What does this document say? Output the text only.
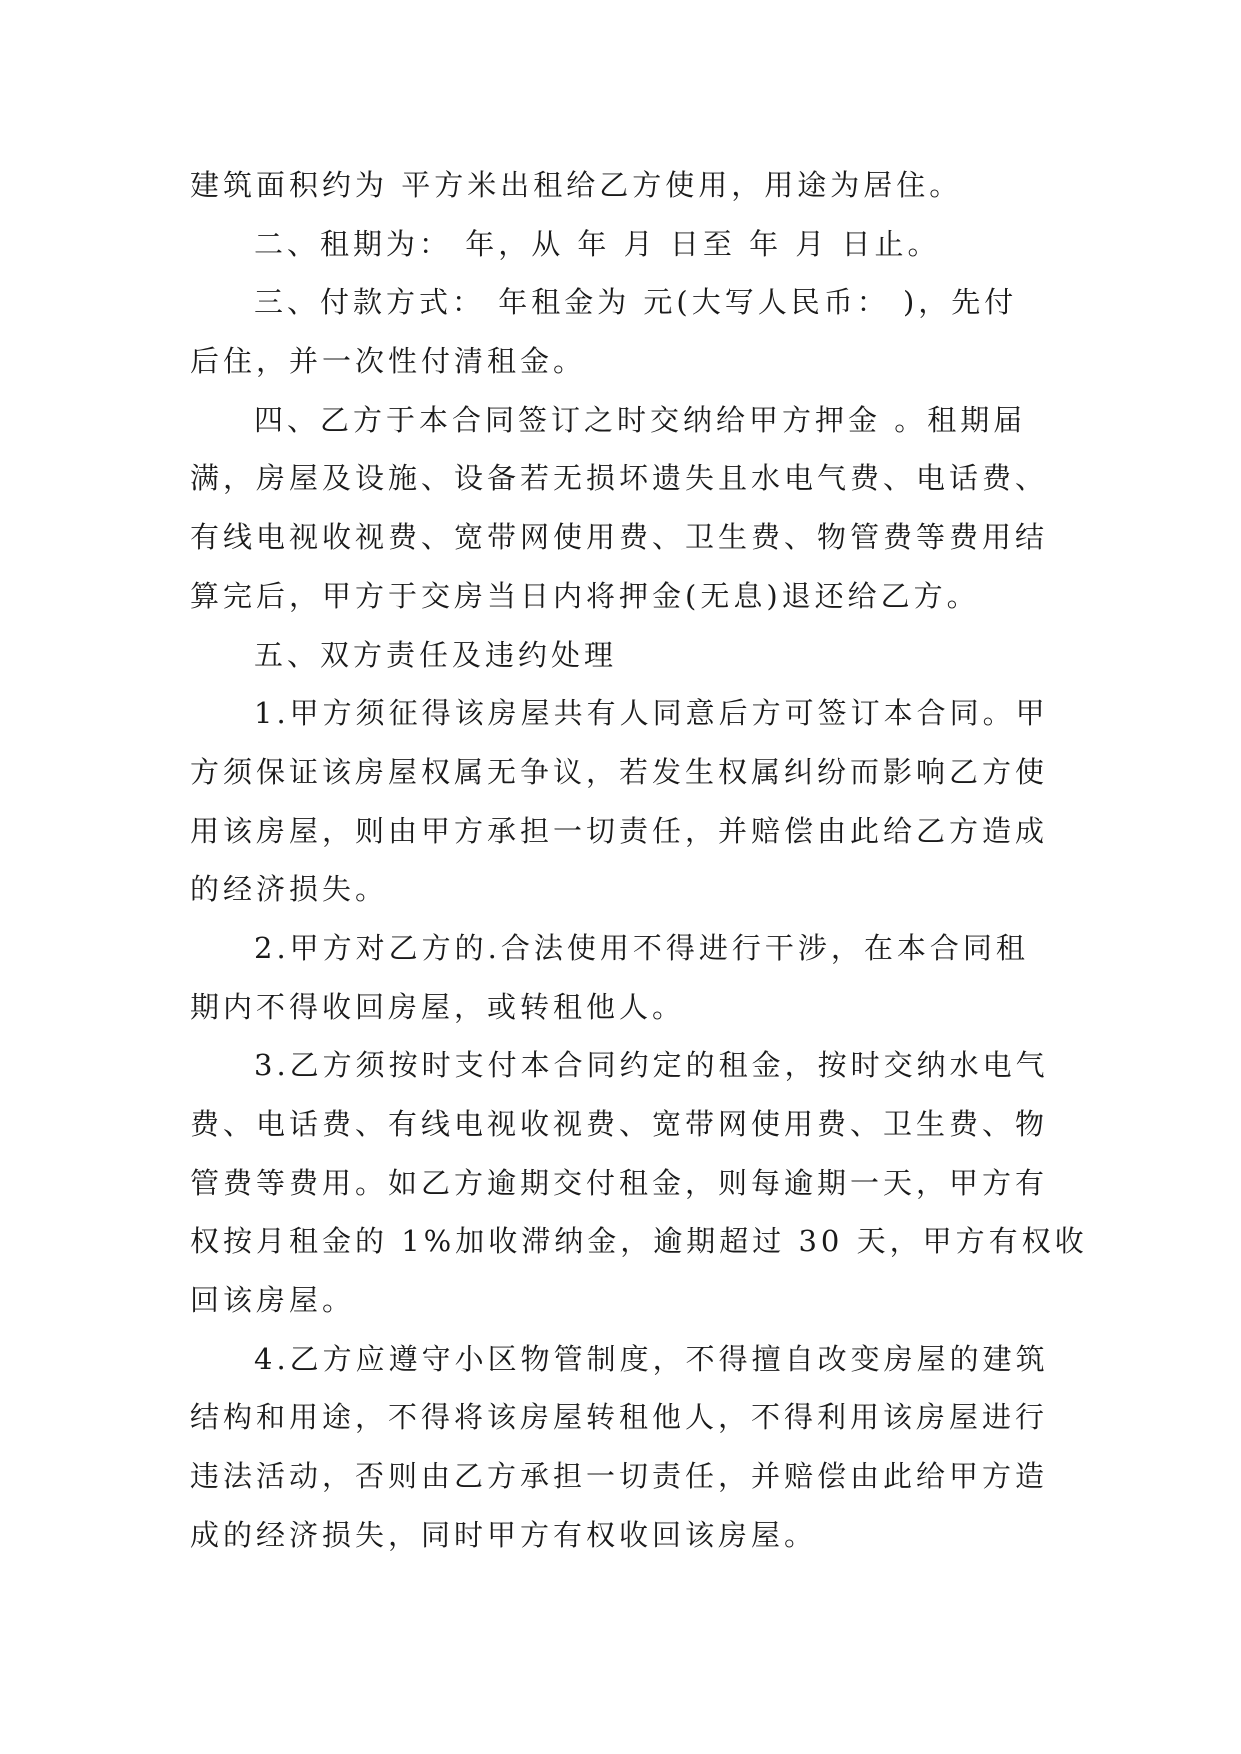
建筑面积约为 平方米出租给乙方使用，用途为居住。
二、租期为： 年，从 年 月 日至 年 月 日止。
三、付款方式： 年租金为 元(大写人民币： )，先付
后住，并一次性付清租金。
四、乙方于本合同签订之时交纳给甲方押金 。租期届
满，房屋及设施、设备若无损坏遗失且水电气费、电话费、
有线电视收视费、宽带网使用费、卫生费、物管费等费用结
算完后，甲方于交房当日内将押金(无息)退还给乙方。
五、双方责任及违约处理
1.甲方须征得该房屋共有人同意后方可签订本合同。甲
方须保证该房屋权属无争议，若发生权属纠纷而影响乙方使
用该房屋，则由甲方承担一切责任，并赔偿由此给乙方造成
的经济损失。
2.甲方对乙方的.合法使用不得进行干涉，在本合同租
期内不得收回房屋，或转租他人。
3.乙方须按时支付本合同约定的租金，按时交纳水电气
费、电话费、有线电视收视费、宽带网使用费、卫生费、物
管费等费用。如乙方逾期交付租金，则每逾期一天，甲方有
权按月租金的 1%加收滞纳金，逾期超过 30 天，甲方有权收
回该房屋。
4.乙方应遵守小区物管制度，不得擅自改变房屋的建筑
结构和用途，不得将该房屋转租他人，不得利用该房屋进行
违法活动，否则由乙方承担一切责任，并赔偿由此给甲方造
成的经济损失，同时甲方有权收回该房屋。
